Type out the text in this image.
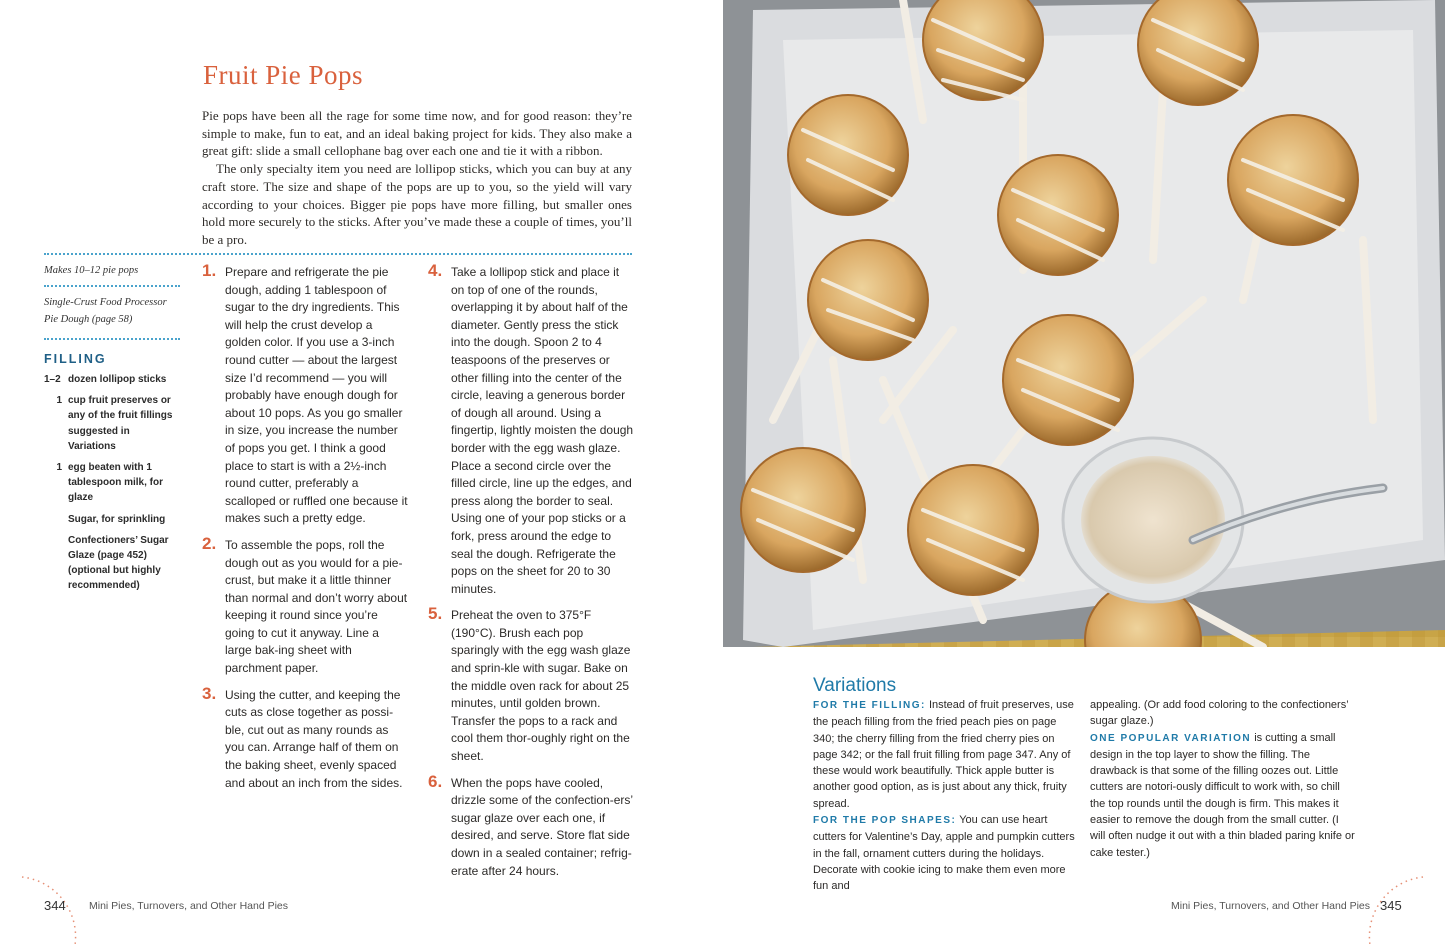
Fruit Pie Pops

Pie pops have been all the rage for some time now, and for good reason: they’re simple to make, fun to eat, and an ideal baking project for kids. They also make a great gift: slide a small cellophane bag over each one and tie it with a ribbon.

The only specialty item you need are lollipop sticks, which you can buy at any craft store. The size and shape of the pops are up to you, so the yield will vary according to your choices. Bigger pie pops have more filling, but smaller ones hold more securely to the sticks. After you’ve made these a couple of times, you’ll be a pro.

Makes 10–12 pie pops

Single-Crust Food Processor Pie Dough (page 58)

FILLING

1–2 dozen lollipop sticks

1 cup fruit preserves or any of the fruit fillings suggested in Variations

1 egg beaten with 1 tablespoon milk, for glaze

Sugar, for sprinkling

Confectioners’ Sugar Glaze (page 452) (optional but highly recommended)

1. Prepare and refrigerate the pie dough, adding 1 tablespoon of sugar to the dry ingredients. This will help the crust develop a golden color. If you use a 3-inch round cutter — about the largest size I’d recommend — you will probably have enough dough for about 10 pops. As you go smaller in size, you increase the number of pops you get. I think a good place to start is with a 2½-inch round cutter, preferably a scalloped or ruffled one because it makes such a pretty edge.
2. To assemble the pops, roll the dough out as you would for a pie-crust, but make it a little thinner than normal and don’t worry about keeping it round since you’re going to cut it anyway. Line a large bak-ing sheet with parchment paper.
3. Using the cutter, and keeping the cuts as close together as possi-ble, cut out as many rounds as you can. Arrange half of them on the baking sheet, evenly spaced and about an inch from the sides.
4. Take a lollipop stick and place it on top of one of the rounds, overlapping it by about half of the diameter. Gently press the stick into the dough. Spoon 2 to 4 teaspoons of the preserves or other filling into the center of the circle, leaving a generous border of dough all around. Using a fingertip, lightly moisten the dough border with the egg wash glaze. Place a second circle over the filled circle, line up the edges, and press along the border to seal. Using one of your pop sticks or a fork, press around the edge to seal the dough. Refrigerate the pops on the sheet for 20 to 30 minutes.
5. Preheat the oven to 375°F (190°C). Brush each pop sparingly with the egg wash glaze and sprin-kle with sugar. Bake on the middle oven rack for about 25 minutes, until golden brown. Transfer the pops to a rack and cool them thor-oughly right on the sheet.
6. When the pops have cooled, drizzle some of the confection-ers’ sugar glaze over each one, if desired, and serve. Store flat side down in a sealed container; refrig-erate after 24 hours.
Variations

FOR THE FILLING: Instead of fruit preserves, use the peach filling from the fried peach pies on page 340; the cherry filling from the fried cherry pies on page 342; or the fall fruit filling from page 347. Any of these would work beautifully. Thick apple butter is another good option, as is just about any thick, fruity spread.

FOR THE POP SHAPES: You can use heart cutters for Valentine’s Day, apple and pumpkin cutters in the fall, ornament cutters during the holidays. Decorate with cookie icing to make them even more fun and

appealing. (Or add food coloring to the confectioners’ sugar glaze.)

ONE POPULAR VARIATION is cutting a small design in the top layer to show the filling. The drawback is that some of the filling oozes out. Little cutters are notori-ously difficult to work with, so chill the top rounds until the dough is firm. This makes it easier to remove the dough from the small cutter. (I will often nudge it out with a thin bladed paring knife or cake tester.)

344 Mini Pies, Turnovers, and Other Hand Pies	Mini Pies, Turnovers, and Other Hand Pies 345
